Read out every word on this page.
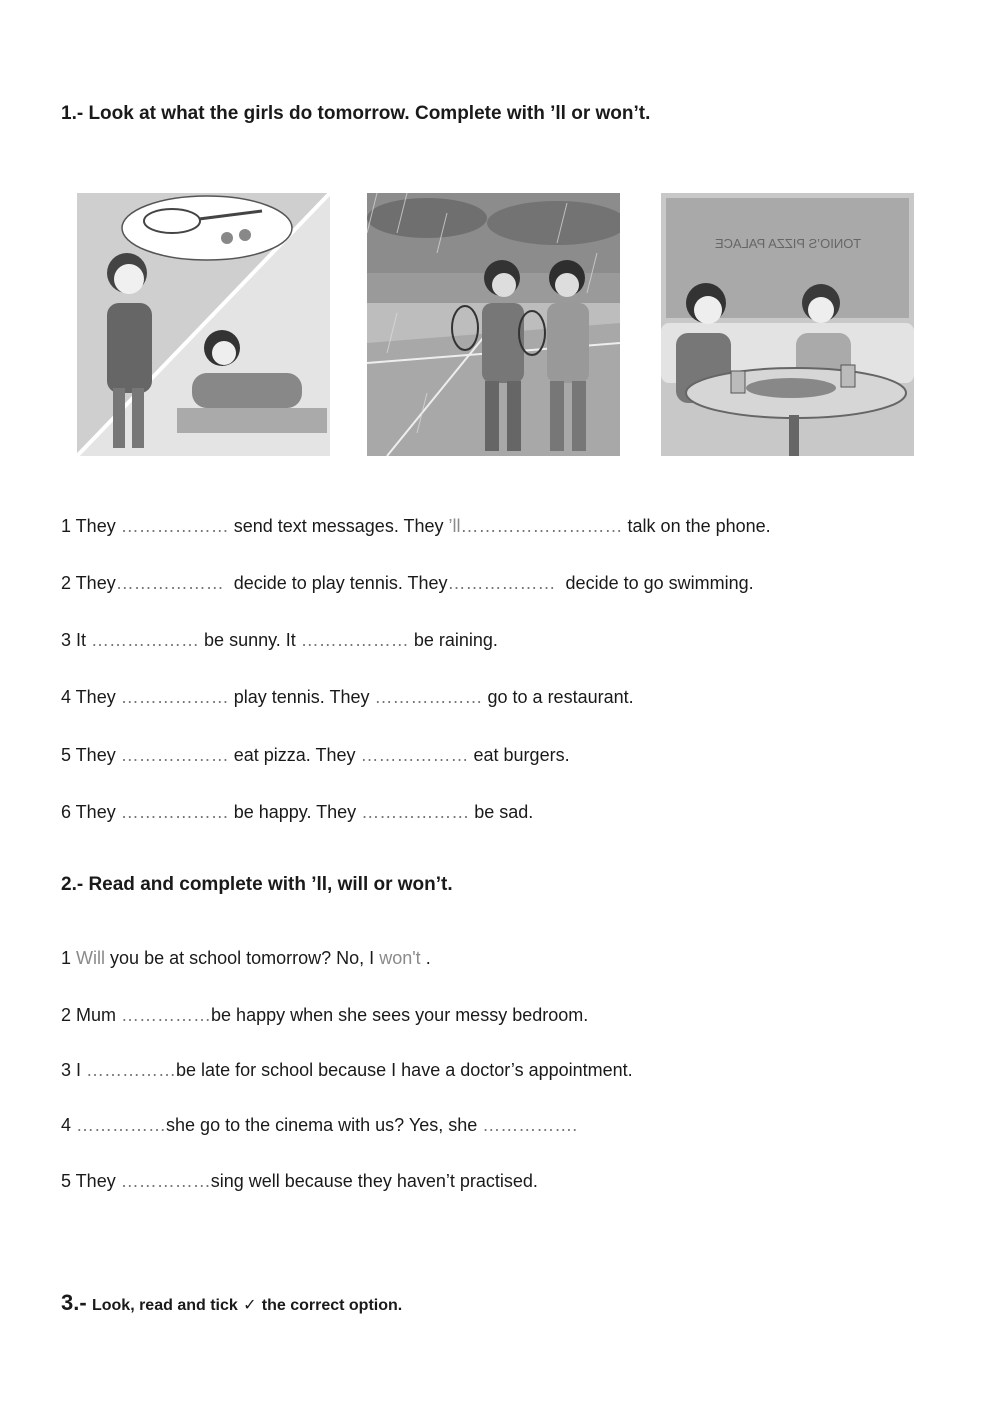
1.- Look at what the girls do tomorrow. Complete with ’ll or won’t.
TONIO’S PIZZA PALACE
1 They ……………… send text messages. They ’ll……………………… talk on the phone.
2 They……………… decide to play tennis. They……………… decide to go swimming.
3 It ……………… be sunny. It ……………… be raining.
4 They ……………… play tennis. They ……………… go to a restaurant.
5 They ……………… eat pizza. They ……………… eat burgers.
6 They ……………… be happy. They ……………… be sad.
2.- Read and complete with ’ll, will or won’t.
1 Will you be at school tomorrow? No, I won't .
2 Mum ……………be happy when she sees your messy bedroom.
3 I ……………be late for school because I have a doctor’s appointment.
4 ……………she go to the cinema with us? Yes, she …………….
5 They ……………sing well because they haven’t practised.
3.- Look, read and tick ✓ the correct option.
